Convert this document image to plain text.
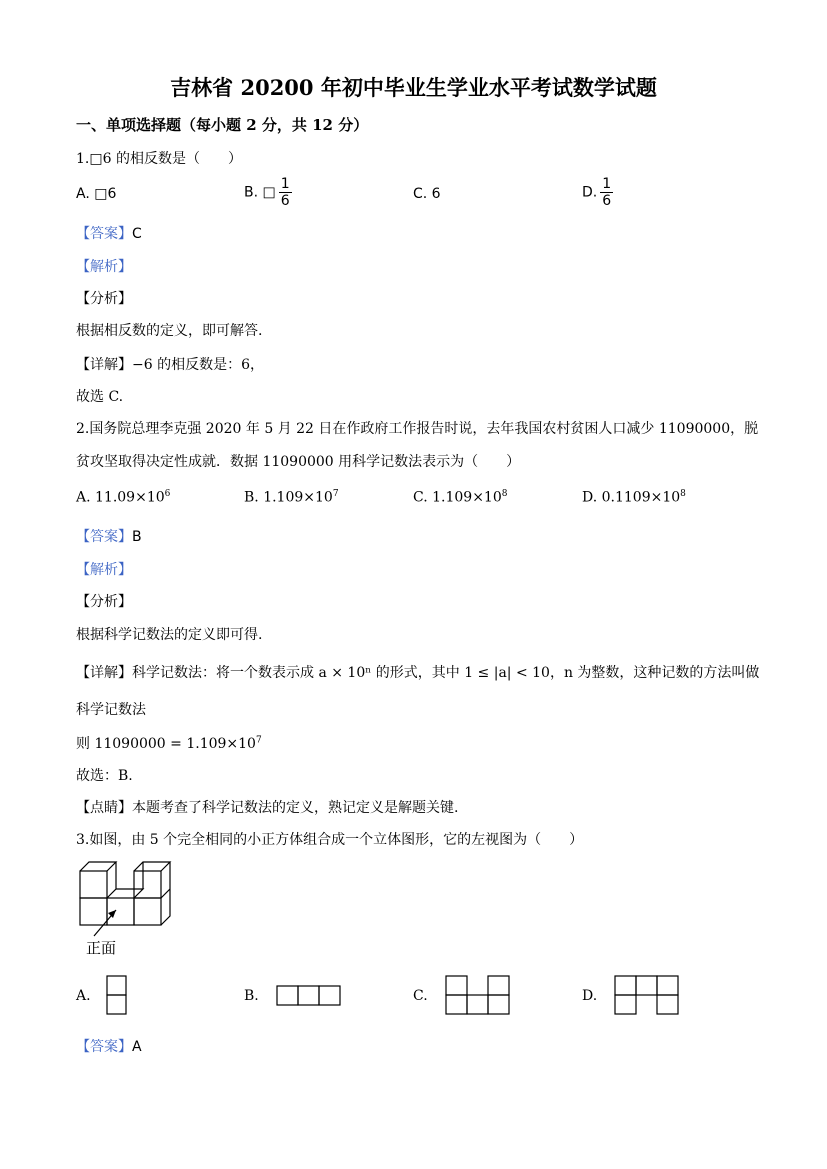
吉林省 20200 年初中毕业生学业水平考试数学试题
一、单项选择题（每小题 2 分，共 12 分）
1.□6 的相反数是（　　）
A. □6	B. □ $\frac{1}{6}$	C. 6	D. $\frac{1}{6}$
【答案】C
【解析】
【分析】
根据相反数的定义，即可解答.
【详解】−6 的相反数是：6，
故选 C.
2.国务院总理李克强 2020 年 5 月 22 日在作政府工作报告时说，去年我国农村贫困人口减少 11090000，脱
贫攻坚取得决定性成就．数据 11090000 用科学记数法表示为（　　）
A. $11.09\times 10^6$	B. $1.109\times 10^7$	C. $1.109\times 10^8$	D. $0.1109\times 10^8$
【答案】B
【解析】
【分析】
根据科学记数法的定义即可得.
【详解】科学记数法：将一个数表示成 a × 10ⁿ 的形式，其中 1 ≤ |a| < 10，n 为整数，这种记数的方法叫做
科学记数法
则 $11090000 = 1.109\times 10^7$
故选：B.
【点睛】本题考查了科学记数法的定义，熟记定义是解题关键.
3.如图，由 5 个完全相同的小正方体组合成一个立体图形，它的左视图为（　　）
正面
A.	B.	C.	D.
【答案】A
